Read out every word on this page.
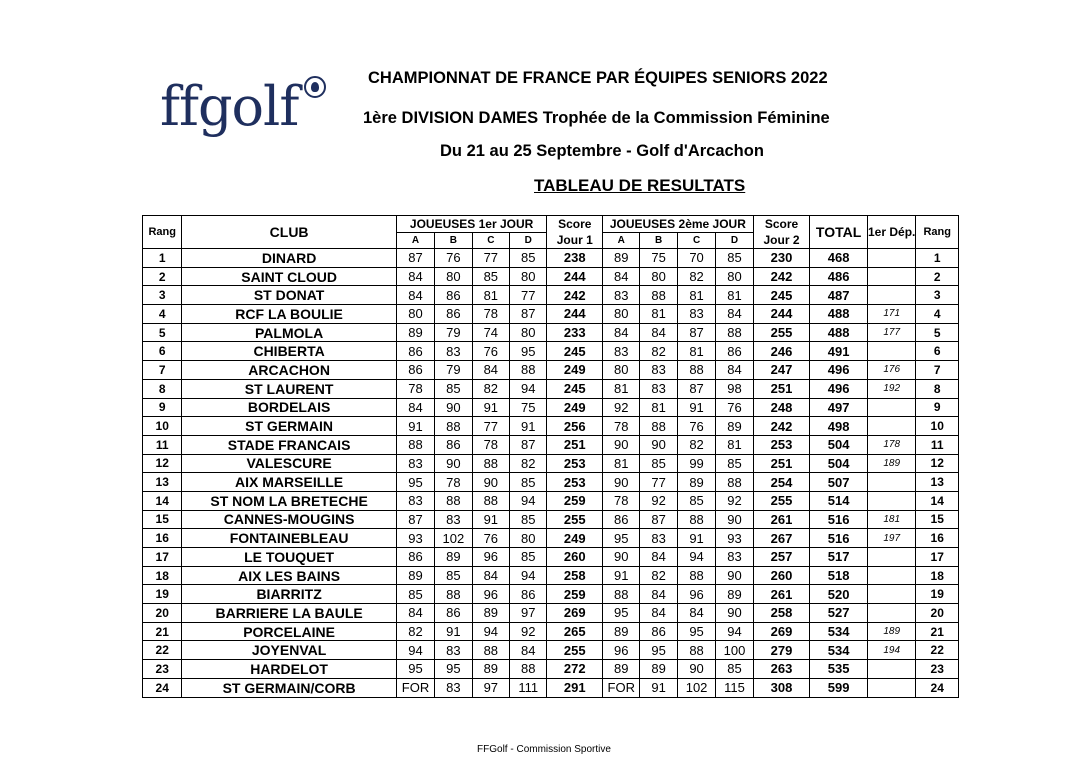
ffgolf	CHAMPIONNAT DE FRANCE PAR ÉQUIPES SENIORS 2022
1ère DIVISION DAMES Trophée de la Commission Féminine
Du 21 au 25 Septembre - Golf d'Arcachon
TABLEAU DE RESULTATS
Rang	CLUB	JOUEUSES 1er JOUR				Score Jour 1	JOUEUSES 2ème JOUR				Score Jour 2	TOTAL	1er Dép.	Rang
		A	B	C	D		A	B	C	D				
1	DINARD	87	76	77	85	238	89	75	70	85	230	468		1
2	SAINT CLOUD	84	80	85	80	244	84	80	82	80	242	486		2
3	ST DONAT	84	86	81	77	242	83	88	81	81	245	487		3
4	RCF LA BOULIE	80	86	78	87	244	80	81	83	84	244	488	171	4
5	PALMOLA	89	79	74	80	233	84	84	87	88	255	488	177	5
6	CHIBERTA	86	83	76	95	245	83	82	81	86	246	491		6
7	ARCACHON	86	79	84	88	249	80	83	88	84	247	496	176	7
8	ST LAURENT	78	85	82	94	245	81	83	87	98	251	496	192	8
9	BORDELAIS	84	90	91	75	249	92	81	91	76	248	497		9
10	ST GERMAIN	91	88	77	91	256	78	88	76	89	242	498		10
11	STADE FRANCAIS	88	86	78	87	251	90	90	82	81	253	504	178	11
12	VALESCURE	83	90	88	82	253	81	85	99	85	251	504	189	12
13	AIX MARSEILLE	95	78	90	85	253	90	77	89	88	254	507		13
14	ST NOM LA BRETECHE	83	88	88	94	259	78	92	85	92	255	514		14
15	CANNES-MOUGINS	87	83	91	85	255	86	87	88	90	261	516	181	15
16	FONTAINEBLEAU	93	102	76	80	249	95	83	91	93	267	516	197	16
17	LE TOUQUET	86	89	96	85	260	90	84	94	83	257	517		17
18	AIX LES BAINS	89	85	84	94	258	91	82	88	90	260	518		18
19	BIARRITZ	85	88	96	86	259	88	84	96	89	261	520		19
20	BARRIERE LA BAULE	84	86	89	97	269	95	84	84	90	258	527		20
21	PORCELAINE	82	91	94	92	265	89	86	95	94	269	534	189	21
22	JOYENVAL	94	83	88	84	255	96	95	88	100	279	534	194	22
23	HARDELOT	95	95	89	88	272	89	89	90	85	263	535		23
24	ST GERMAIN/CORB	FOR	83	97	111	291	FOR	91	102	115	308	599		24
FFGolf - Commission Sportive
